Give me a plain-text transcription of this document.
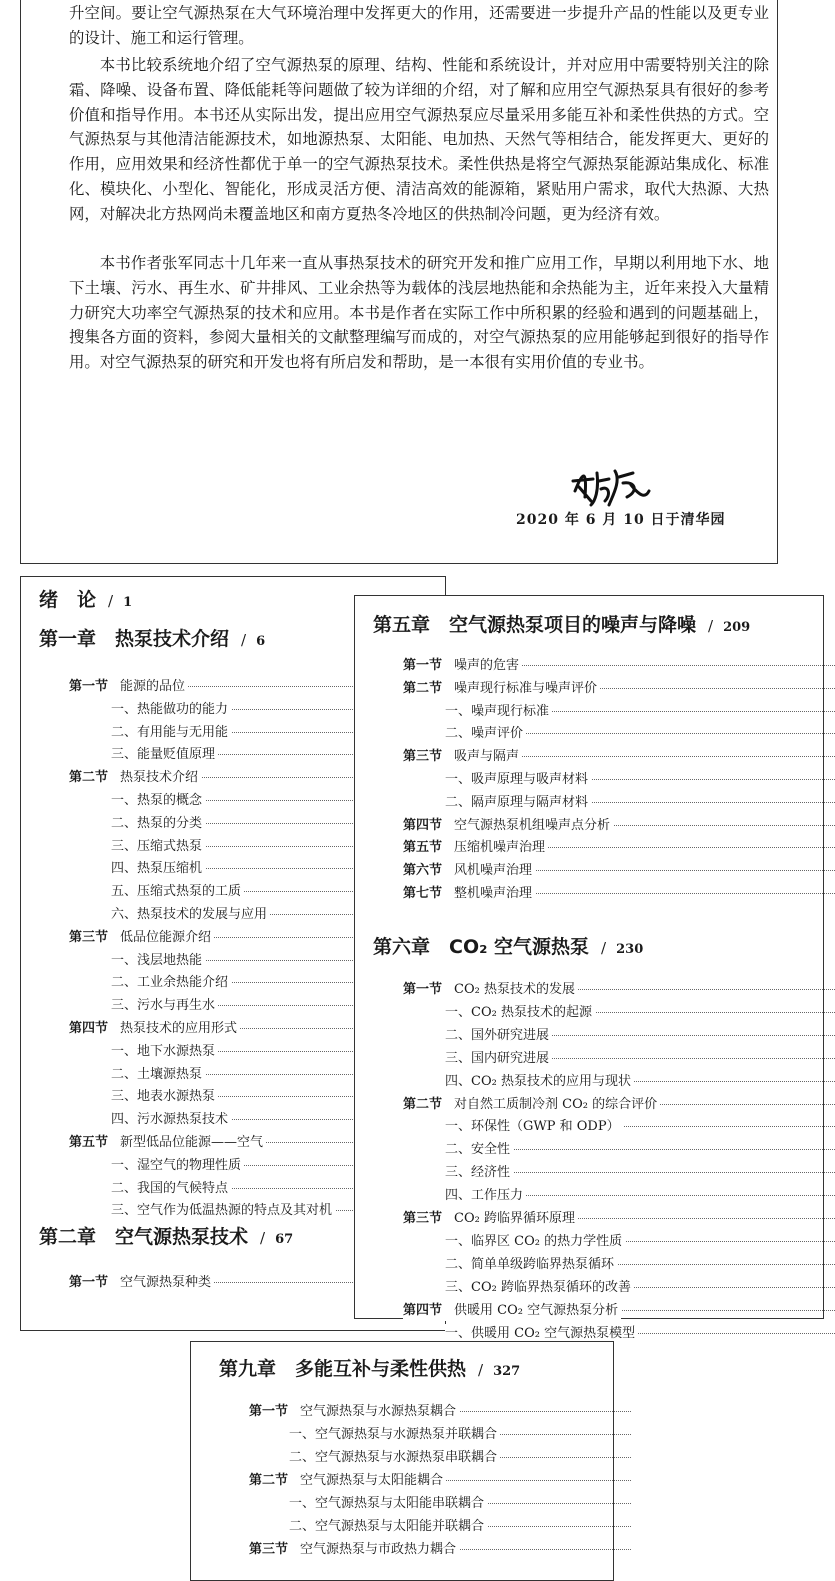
升空间。要让空气源热泵在大气环境治理中发挥更大的作用，还需要进一步提升产品的性能以及更专业的设计、施工和运行管理。

本书比较系统地介绍了空气源热泵的原理、结构、性能和系统设计，并对应用中需要特别关注的除霜、降噪、设备布置、降低能耗等问题做了较为详细的介绍，对了解和应用空气源热泵具有很好的参考价值和指导作用。本书还从实际出发，提出应用空气源热泵应尽量采用多能互补和柔性供热的方式。空气源热泵与其他清洁能源技术，如地源热泵、太阳能、电加热、天然气等相结合，能发挥更大、更好的作用，应用效果和经济性都优于单一的空气源热泵技术。柔性供热是将空气源热泵能源站集成化、标准化、模块化、小型化、智能化，形成灵活方便、清洁高效的能源箱，紧贴用户需求，取代大热源、大热网，对解决北方热网尚未覆盖地区和南方夏热冬冷地区的供热制冷问题，更为经济有效。

本书作者张军同志十几年来一直从事热泵技术的研究开发和推广应用工作，早期以利用地下水、地下土壤、污水、再生水、矿井排风、工业余热等为载体的浅层地热能和余热能为主，近年来投入大量精力研究大功率空气源热泵的技术和应用。本书是作者在实际工作中所积累的经验和遇到的问题基础上，搜集各方面的资料，参阅大量相关的文献整理编写而成的，对空气源热泵的应用能够起到很好的指导作用。对空气源热泵的研究和开发也将有所启发和帮助，是一本很有实用价值的专业书。

2020 年 6 月 10 日于清华园
绪　论 / 1
第一章　热泵技术介绍 / 6
第一节 能源的品位
一、热能做功的能力
二、有用能与无用能
三、能量贬值原理
第二节 热泵技术介绍
一、热泵的概念
二、热泵的分类
三、压缩式热泵
四、热泵压缩机
五、压缩式热泵的工质
六、热泵技术的发展与应用
第三节 低品位能源介绍
一、浅层地热能
二、工业余热能介绍
三、污水与再生水
第四节 热泵技术的应用形式
一、地下水源热泵
二、土壤源热泵
三、地表水源热泵
四、污水源热泵技术
第五节 新型低品位能源——空气
一、湿空气的物理性质
二、我国的气候特点
三、空气作为低温热源的特点及其对机
第二章　空气源热泵技术 / 67
第一节 空气源热泵种类
第五章　空气源热泵项目的噪声与降噪 / 209
第一节 噪声的危害
第二节 噪声现行标准与噪声评价
一、噪声现行标准
二、噪声评价
第三节 吸声与隔声
一、吸声原理与吸声材料
二、隔声原理与隔声材料
第四节 空气源热泵机组噪声点分析
第五节 压缩机噪声治理
第六节 风机噪声治理
第七节 整机噪声治理
第六章　CO₂ 空气源热泵 / 230
第一节 CO₂ 热泵技术的发展
一、CO₂ 热泵技术的起源
二、国外研究进展
三、国内研究进展
四、CO₂ 热泵技术的应用与现状
第二节 对自然工质制冷剂 CO₂ 的综合评价
一、环保性（GWP 和 ODP）
二、安全性
三、经济性
四、工作压力
第三节 CO₂ 跨临界循环原理
一、临界区 CO₂ 的热力学性质
二、简单单级跨临界热泵循环
三、CO₂ 跨临界热泵循环的改善
第四节 供暖用 CO₂ 空气源热泵分析
一、供暖用 CO₂ 空气源热泵模型
第九章　多能互补与柔性供热 / 327
第一节 空气源热泵与水源热泵耦合
一、空气源热泵与水源热泵并联耦合
二、空气源热泵与水源热泵串联耦合
第二节 空气源热泵与太阳能耦合
一、空气源热泵与太阳能串联耦合
二、空气源热泵与太阳能并联耦合
第三节 空气源热泵与市政热力耦合
